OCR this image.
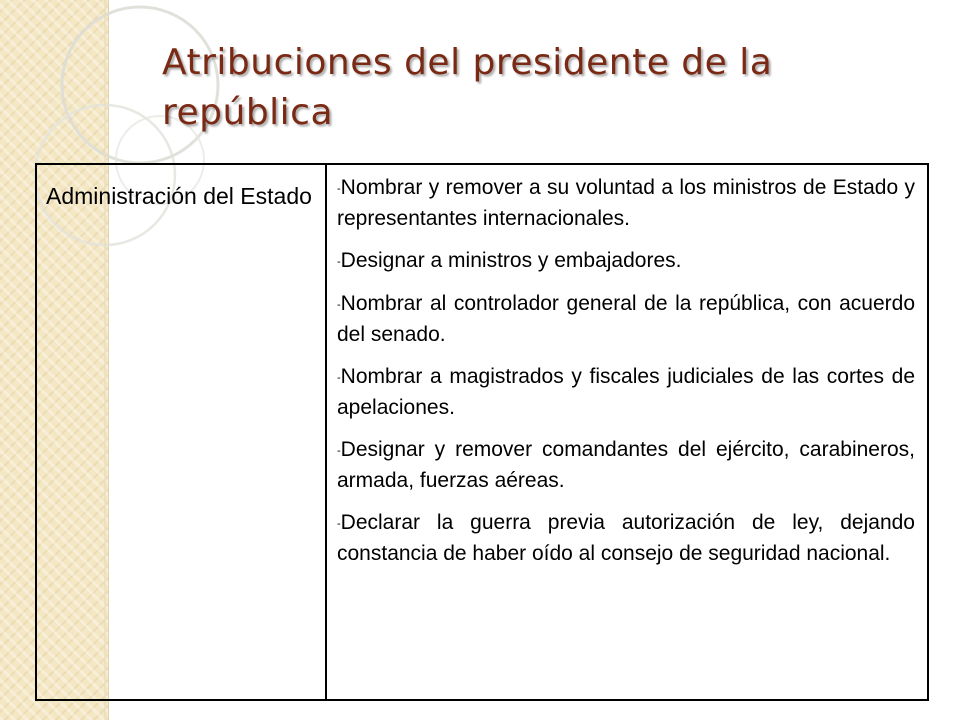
Atribuciones del presidente de la república
Administración del Estado	-Nombrar y remover a su voluntad a los ministros de Estado y representantes internacionales.

-Designar a ministros y embajadores.

-Nombrar al controlador general de la república, con acuerdo del senado.

-Nombrar a magistrados y fiscales judiciales de las cortes de apelaciones.

-Designar y remover comandantes del ejército, carabineros, armada, fuerzas aéreas.

-Declarar la guerra previa autorización de ley, dejando constancia de haber oído al consejo de seguridad nacional.
